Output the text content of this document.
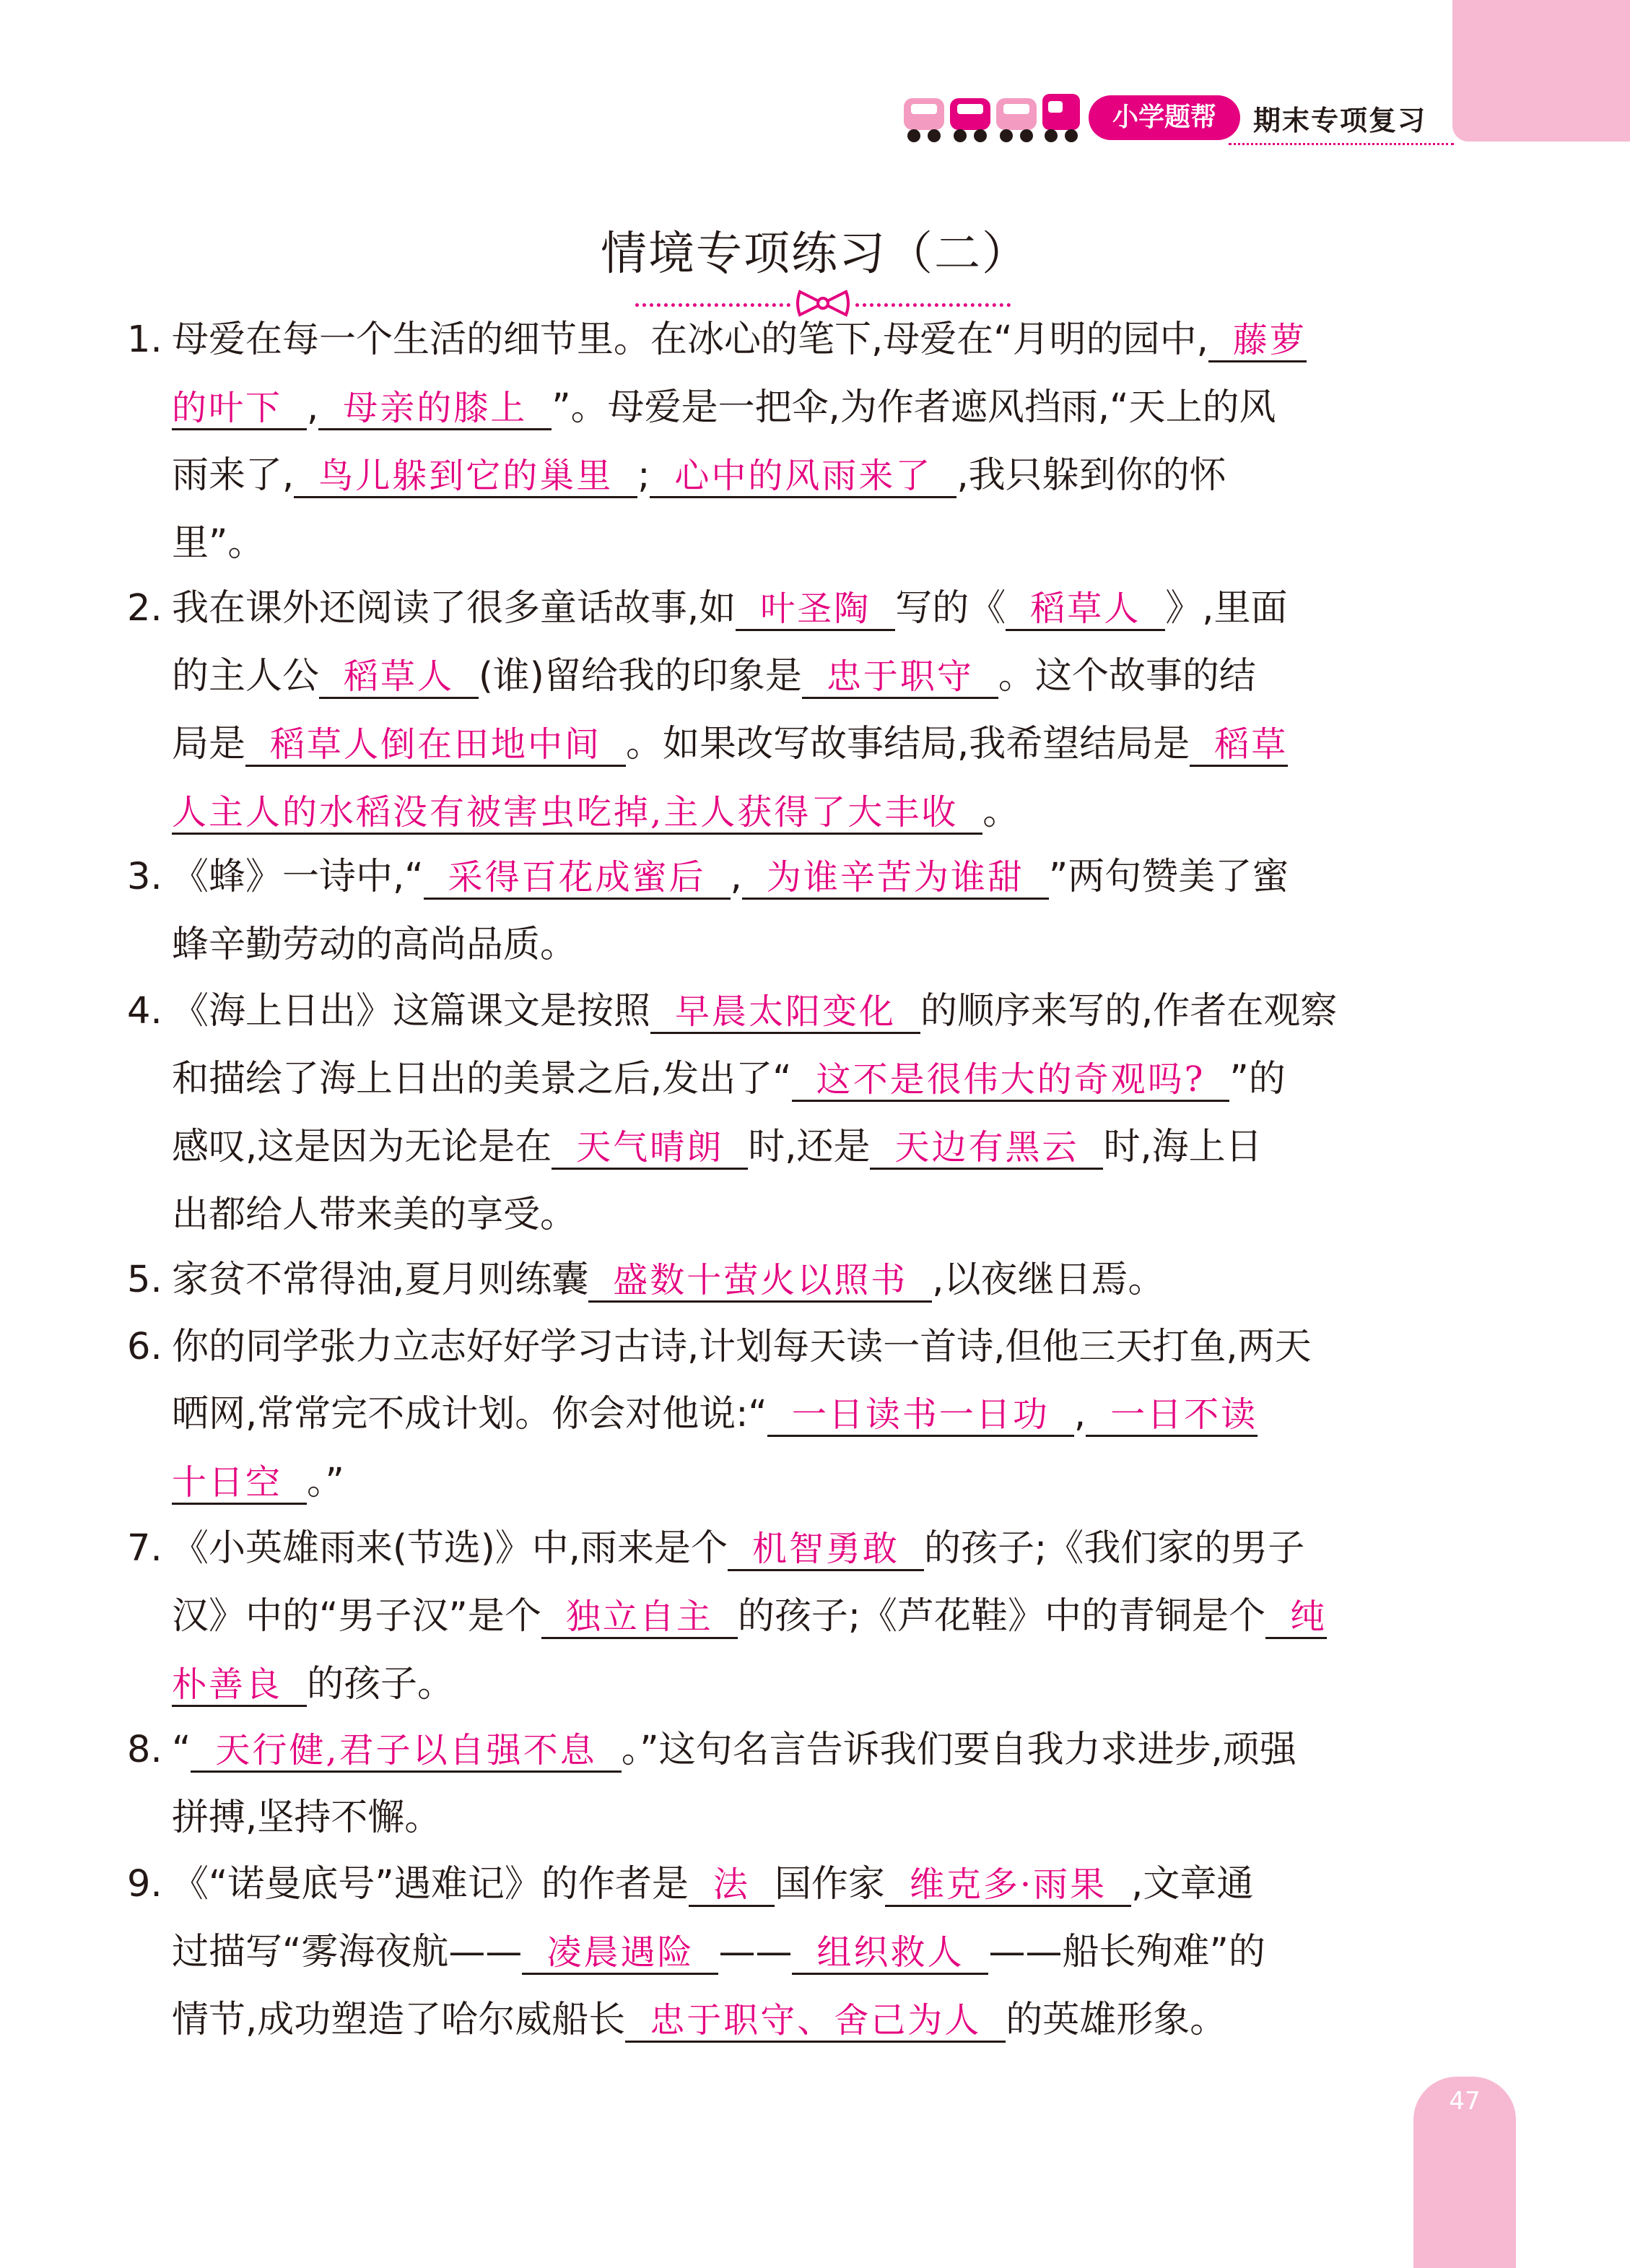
小学题帮	期末专项复习
情境专项练习（二）
1. 母爱在每一个生活的细节里。在冰心的笔下,母爱在“月明的园中, 藤萝
的叶下 , 母亲的膝上 ”。母爱是一把伞,为作者遮风挡雨,“天上的风
雨来了, 鸟儿躲到它的巢里 ; 心中的风雨来了 ,我只躲到你的怀
里”。
2. 我在课外还阅读了很多童话故事,如 叶圣陶 写的《 稻草人 》,里面
的主人公 稻草人 (谁)留给我的印象是 忠于职守 。这个故事的结
局是 稻草人倒在田地中间 。如果改写故事结局,我希望结局是 稻草
人主人的水稻没有被害虫吃掉,主人获得了大丰收 。
3. 《蜂》一诗中,“ 采得百花成蜜后 , 为谁辛苦为谁甜 ”两句赞美了蜜
蜂辛勤劳动的高尚品质。
4. 《海上日出》这篇课文是按照 早晨太阳变化 的顺序来写的,作者在观察
和描绘了海上日出的美景之后,发出了“ 这不是很伟大的奇观吗? ”的
感叹,这是因为无论是在 天气晴朗 时,还是 天边有黑云 时,海上日
出都给人带来美的享受。
5. 家贫不常得油,夏月则练囊 盛数十萤火以照书 ,以夜继日焉。
6. 你的同学张力立志好好学习古诗,计划每天读一首诗,但他三天打鱼,两天
晒网,常常完不成计划。你会对他说:“ 一日读书一日功 , 一日不读
十日空 。”
7. 《小英雄雨来(节选)》中,雨来是个 机智勇敢 的孩子;《我们家的男子
汉》中的“男子汉”是个 独立自主 的孩子;《芦花鞋》中的青铜是个 纯
朴善良 的孩子。
8. “ 天行健,君子以自强不息 。”这句名言告诉我们要自我力求进步,顽强
拼搏,坚持不懈。
9. 《“诺曼底号”遇难记》的作者是 法 国作家 维克多·雨果 ,文章通
过描写“雾海夜航—— 凌晨遇险 —— 组织救人 ——船长殉难”的
情节,成功塑造了哈尔威船长 忠于职守、舍己为人 的英雄形象。
47
